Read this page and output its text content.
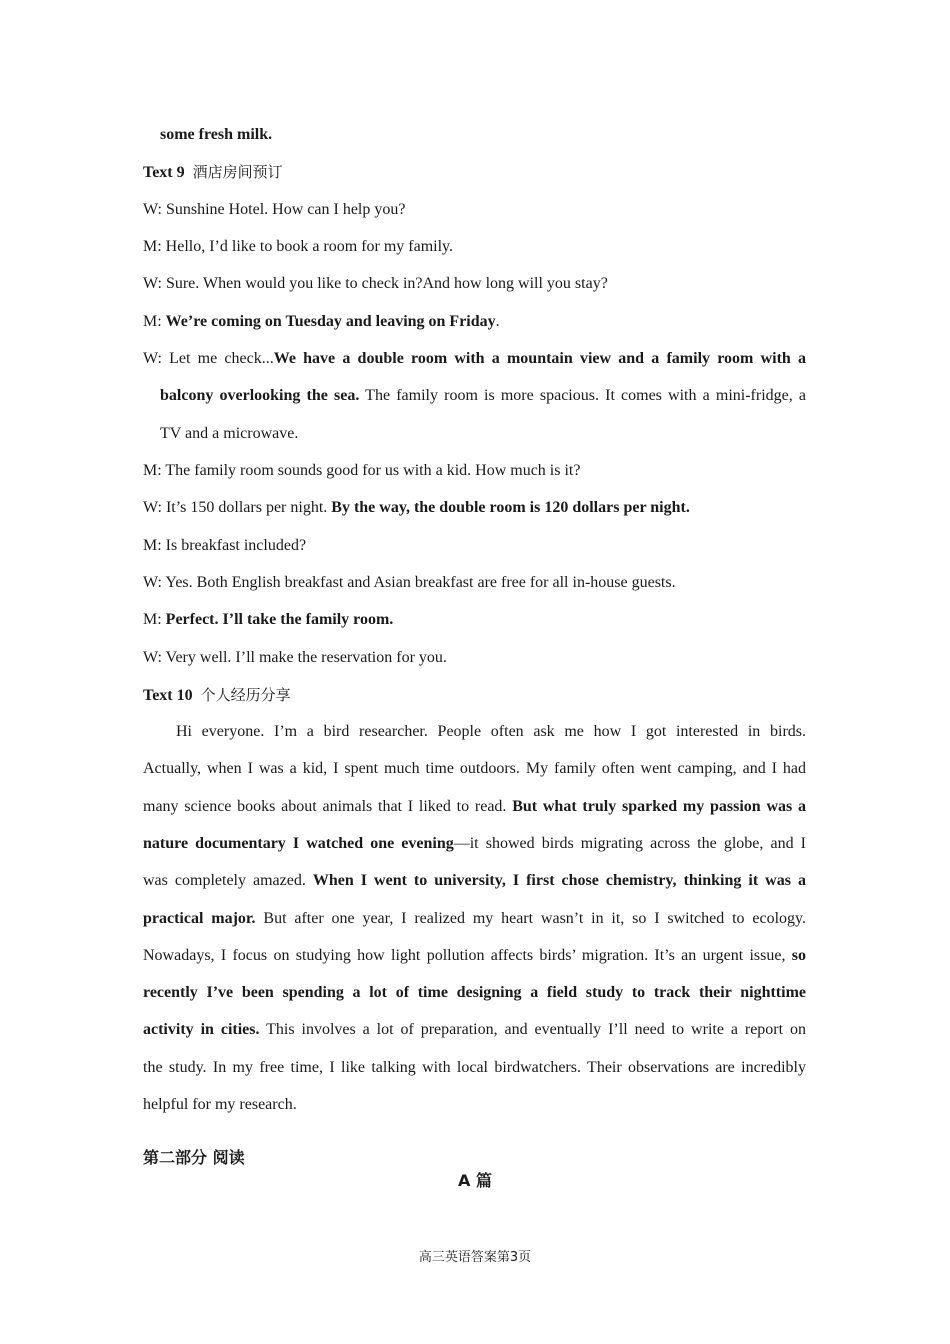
some fresh milk.
Text 9 酒店房间预订
W: Sunshine Hotel. How can I help you?
M: Hello, I’d like to book a room for my family.
W: Sure. When would you like to check in?And how long will you stay?
M: We’re coming on Tuesday and leaving on Friday.
W: Let me check...We have a double room with a mountain view and a family room with a
balcony overlooking the sea. The family room is more spacious. It comes with a mini-fridge, a
TV and a microwave.
M: The family room sounds good for us with a kid. How much is it?
W: It’s 150 dollars per night. By the way, the double room is 120 dollars per night.
M: Is breakfast included?
W: Yes. Both English breakfast and Asian breakfast are free for all in-house guests.
M: Perfect. I’ll take the family room.
W: Very well. I’ll make the reservation for you.
Text 10 个人经历分享
Hi everyone. I’m a bird researcher. People often ask me how I got interested in birds.
Actually, when I was a kid, I spent much time outdoors. My family often went camping, and I had
many science books about animals that I liked to read. But what truly sparked my passion was a
nature documentary I watched one evening—it showed birds migrating across the globe, and I
was completely amazed. When I went to university, I first chose chemistry, thinking it was a
practical major. But after one year, I realized my heart wasn’t in it, so I switched to ecology.
Nowadays, I focus on studying how light pollution affects birds’ migration. It’s an urgent issue, so
recently I’ve been spending a lot of time designing a field study to track their nighttime
activity in cities. This involves a lot of preparation, and eventually I’ll need to write a report on
the study. In my free time, I like talking with local birdwatchers. Their observations are incredibly
helpful for my research.
第二部分 阅读
A 篇
高三英语答案第3页
